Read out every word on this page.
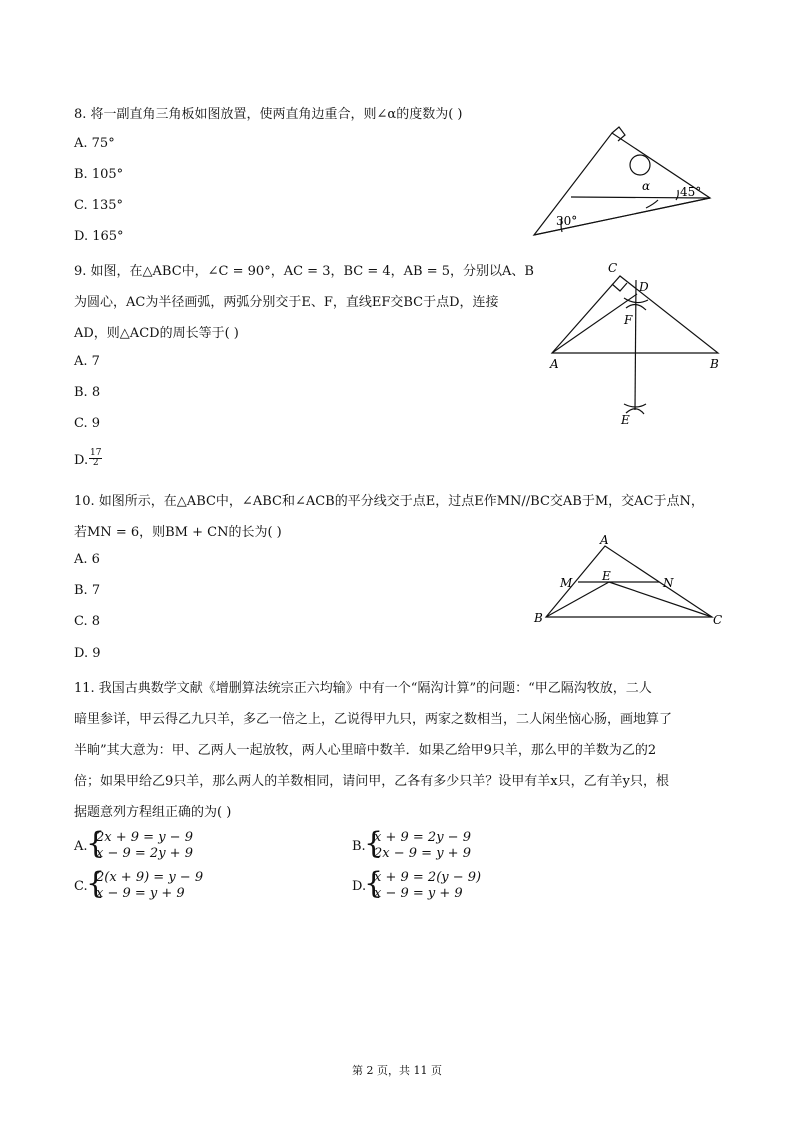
8. 将一副直角三角板如图放置，使两直角边重合，则∠α的度数为( )
A. 75°
B. 105°
C. 135°
D. 165°
α 45°
30°
9. 如图，在△ABC中，∠C = 90°，AC = 3，BC = 4，AB = 5，分别以A、B
为圆心，AC为半径画弧，两弧分别交于E、F，直线EF交BC于点D，连接
AD，则△ACD的周长等于( )
A. 7
B. 8
C. 9
D. $\frac{17}{2}$
C
D
F
A	B
E
10. 如图所示，在△ABC中，∠ABC和∠ACB的平分线交于点E，过点E作MN//BC交AB于M，交AC于点N，
若MN = 6，则BM + CN的长为( )
A. 6
B. 7
C. 8
D. 9
A
M E	N
B	C
11. 我国古典数学文献《增删算法统宗正六均输》中有一个“隔沟计算”的问题：“甲乙隔沟牧放，二人
暗里参详，甲云得乙九只羊，多乙一倍之上，乙说得甲九只，两家之数相当，二人闲坐恼心肠，画地算了
半晌”其大意为：甲、乙两人一起放牧，两人心里暗中数羊．如果乙给甲9只羊，那么甲的羊数为乙的2
倍；如果甲给乙9只羊，那么两人的羊数相同，请问甲，乙各有多少只羊？设甲有羊x只，乙有羊y只，根
据题意列方程组正确的为( )
A.
{
2x + 9 = y − 9
x − 9 = 2y + 9	B.
{
x + 9 = 2y − 9
2x − 9 = y + 9
C.
{
2(x + 9) = y − 9
x − 9 = y + 9	D.
{
x + 9 = 2(y − 9)
x − 9 = y + 9
第 2 页，共 11 页
